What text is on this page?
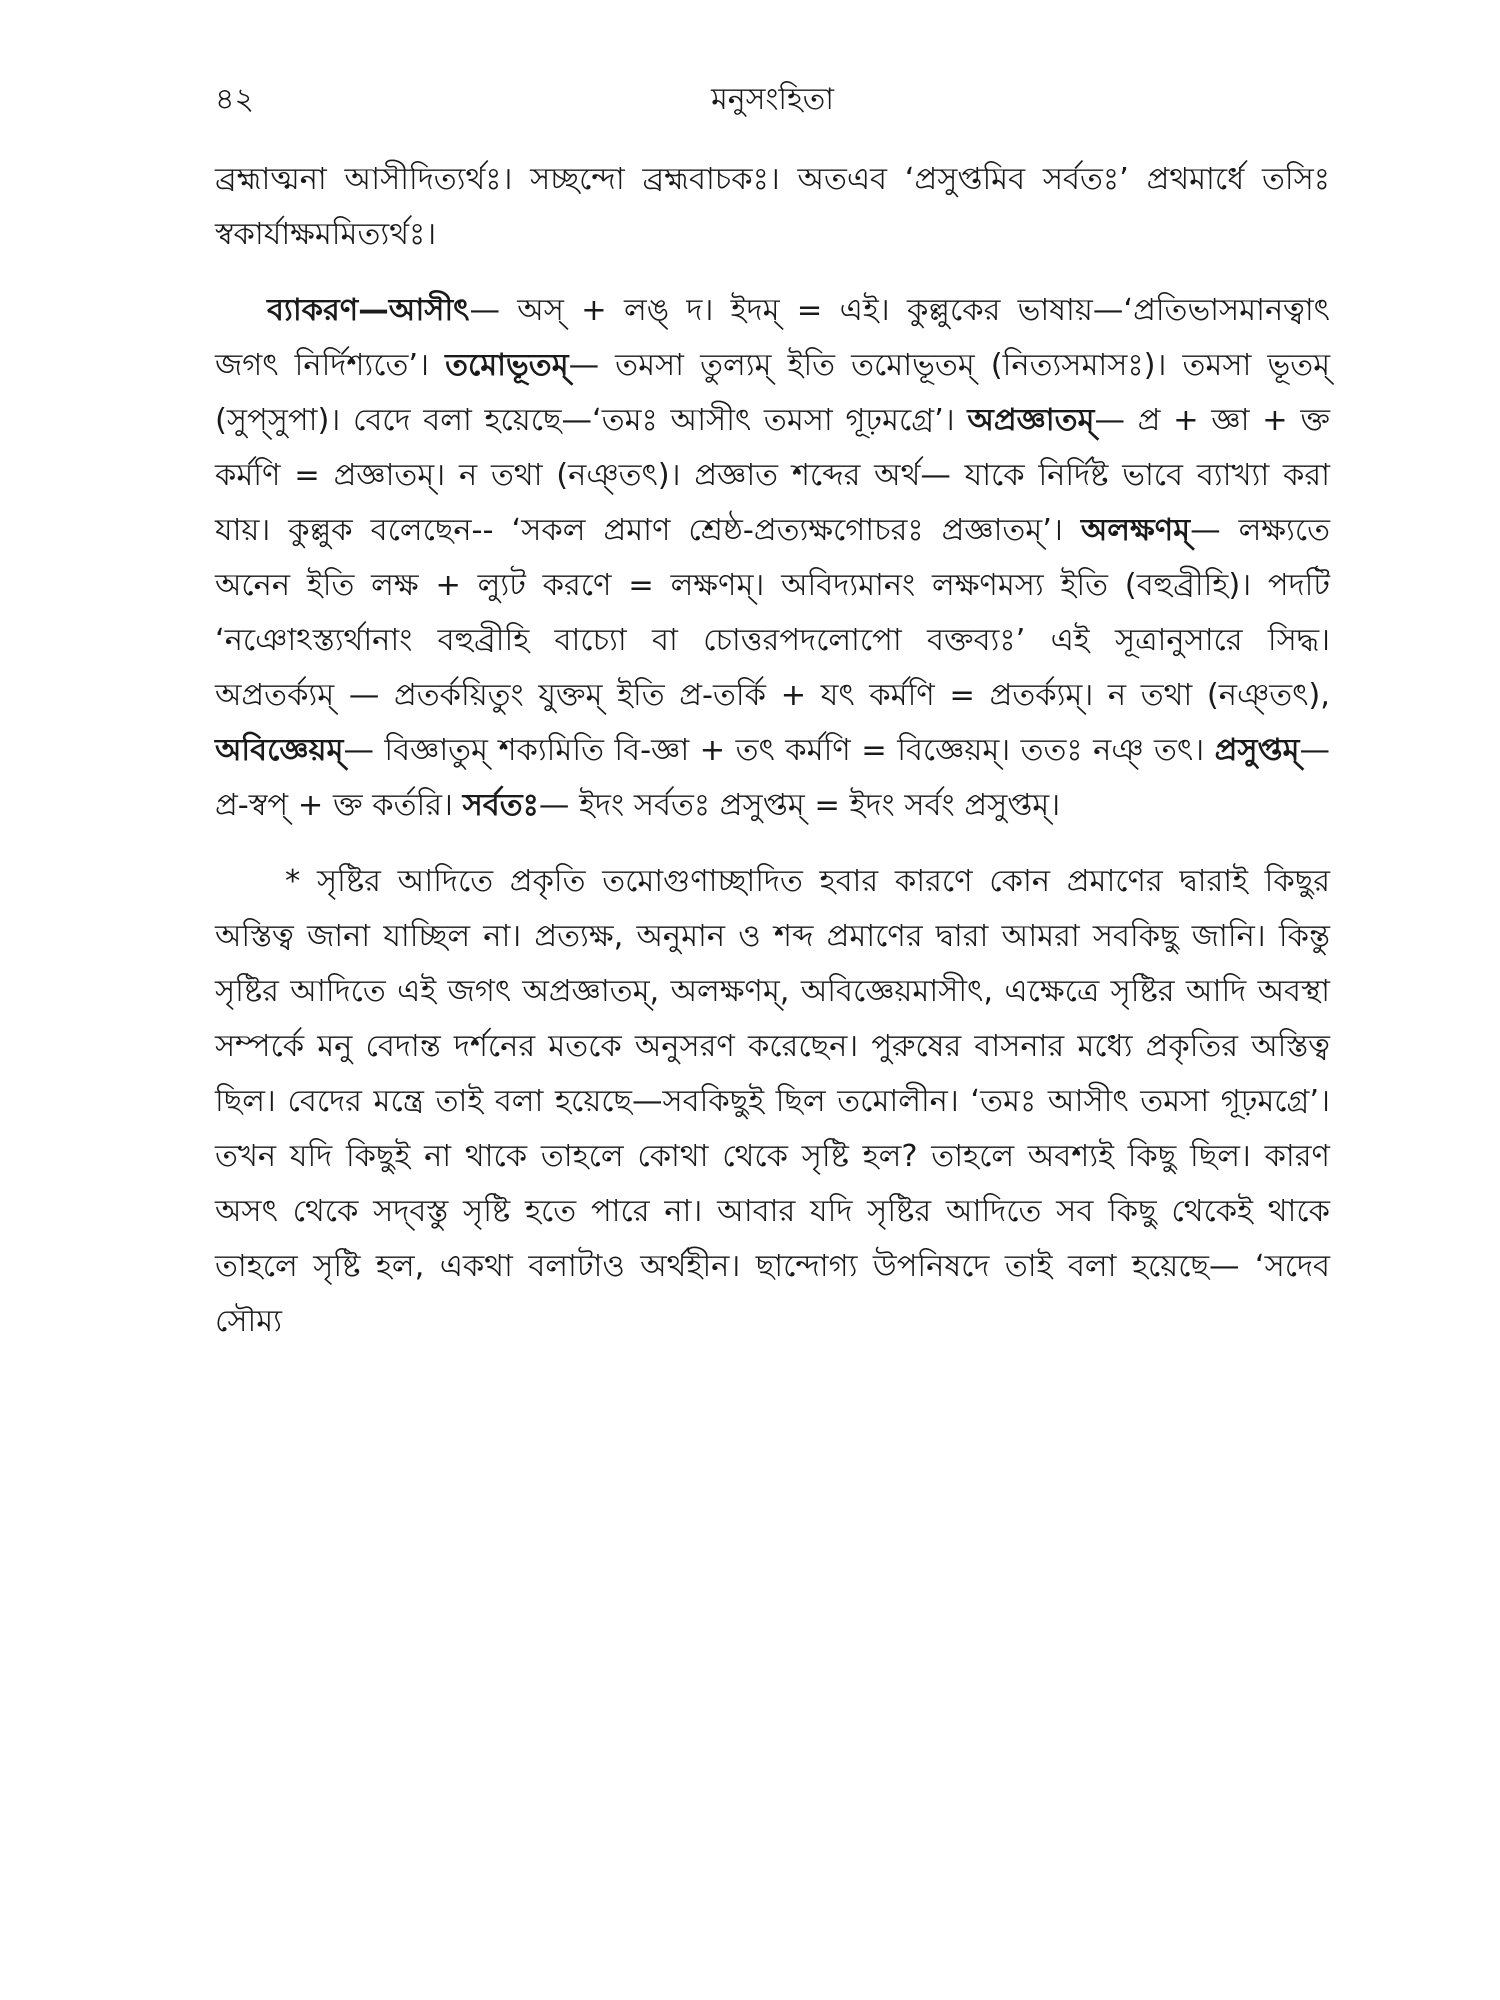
৪২	মনুসংহিতা

ব্রহ্মাত্মনা আসীদিত্যর্থঃ। সচ্ছন্দো ব্রহ্মবাচকঃ। অতএব ‘প্রসুপ্তমিব সর্বতঃ’ প্রথমার্ধে তসিঃ স্বকার্যাক্ষমমিত্যর্থঃ।

ব্যাকরণ—আসীৎ— অস্ + লঙ্ দ। ইদম্ = এই। কুল্লুকের ভাষায়—‘প্রতিভাসমানত্বাৎ জগৎ নির্দিশ্যতে’। তমোভূতম্— তমসা তুল্যম্ ইতি তমোভূতম্ (নিত্যসমাসঃ)। তমসা ভূতম্ (সুপ্‌সুপা)। বেদে বলা হয়েছে—‘তমঃ আসীৎ তমসা গূঢ়মগ্রে’। অপ্রজ্ঞাতম্— প্র + জ্ঞা + ক্ত কর্মণি = প্রজ্ঞাতম্। ন তথা (নঞ্‌তৎ)। প্রজ্ঞাত শব্দের অর্থ— যাকে নির্দিষ্ট ভাবে ব্যাখ্যা করা যায়। কুল্লুক বলেছেন-- ‘সকল প্রমাণ শ্রেষ্ঠ-প্রত্যক্ষগোচরঃ প্রজ্ঞাতম্’। অলক্ষণম্— লক্ষ্যতে অনেন ইতি লক্ষ + ল্যুট করণে = লক্ষণম্। অবিদ্যমানং লক্ষণমস্য ইতি (বহুব্রীহি)। পদটি ‘নঞোঽস্ত্যর্থানাং বহুব্রীহি বাচ্যো বা চোত্তরপদলোপো বক্তব্যঃ’ এই সূত্রানুসারে সিদ্ধ। অপ্রতর্ক্যম্ — প্রতর্কয়িতুং যুক্তম্ ইতি প্র-তর্কি + যৎ কর্মণি = প্রতর্ক্যম্। ন তথা (নঞ্‌তৎ), অবিজ্ঞেয়ম্— বিজ্ঞাতুম্ শক্যমিতি বি-জ্ঞা + তৎ কর্মণি = বিজ্ঞেয়ম্। ততঃ নঞ্ তৎ। প্রসুপ্তম্—প্র-স্বপ্ + ক্ত কর্তরি। সর্বতঃ— ইদং সর্বতঃ প্রসুপ্তম্ = ইদং সর্বং প্রসুপ্তম্।

* সৃষ্টির আদিতে প্রকৃতি তমোগুণাচ্ছাদিত হবার কারণে কোন প্রমাণের দ্বারাই কিছুর অস্তিত্ব জানা যাচ্ছিল না। প্রত্যক্ষ, অনুমান ও শব্দ প্রমাণের দ্বারা আমরা সবকিছু জানি। কিন্তু সৃষ্টির আদিতে এই জগৎ অপ্রজ্ঞাতম্, অলক্ষণম্, অবিজ্ঞেয়মাসীৎ, এক্ষেত্রে সৃষ্টির আদি অবস্থা সম্পর্কে মনু বেদান্ত দর্শনের মতকে অনুসরণ করেছেন। পুরুষের বাসনার মধ্যে প্রকৃতির অস্তিত্ব ছিল। বেদের মন্ত্রে তাই বলা হয়েছে—সবকিছুই ছিল তমোলীন। ‘তমঃ আসীৎ তমসা গূঢ়মগ্রে’। তখন যদি কিছুই না থাকে তাহলে কোথা থেকে সৃষ্টি হল? তাহলে অবশ্যই কিছু ছিল। কারণ অসৎ থেকে সদ্‌বস্তু সৃষ্টি হতে পারে না। আবার যদি সৃষ্টির আদিতে সব কিছু থেকেই থাকে তাহলে সৃষ্টি হল, একথা বলাটাও অর্থহীন। ছান্দোগ্য উপনিষদে তাই বলা হয়েছে— ‘সদেব সৌম্য
